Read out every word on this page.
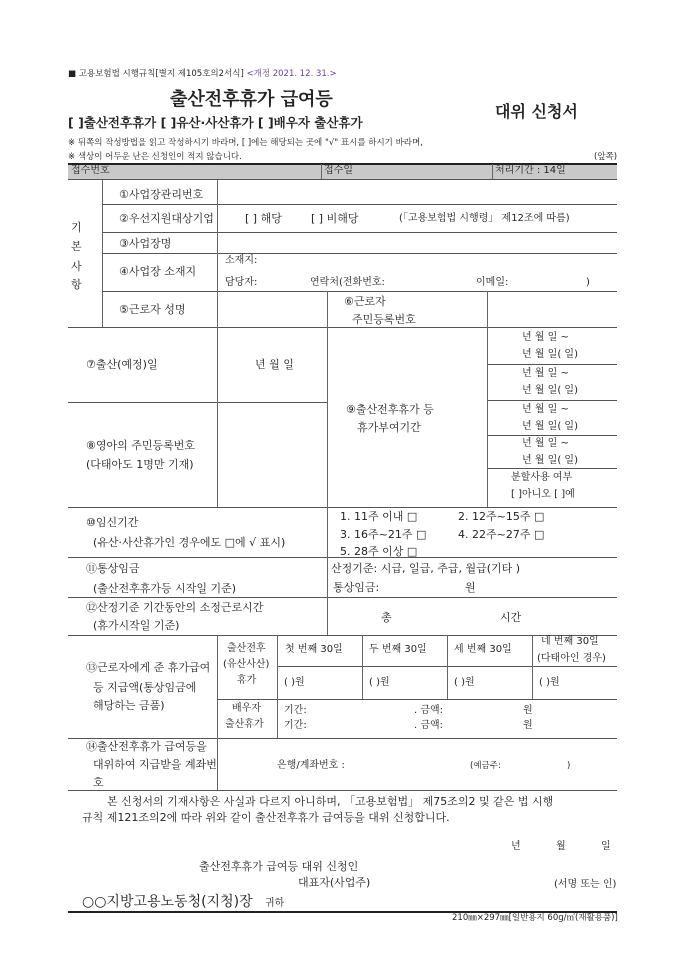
■ 고용보험법 시행규칙[별지 제105호의2서식] <개정 2021. 12. 31.>
출산전후휴가 급여등
대위 신청서
[ ]출산전후휴가 [ ]유산·사산휴가 [ ]배우자 출산휴가
※ 뒤쪽의 작성방법을 읽고 작성하시기 바라며, [ ]에는 해당되는 곳에 "√" 표시를 하시기 바라며,
※ 색상이 어두운 난은 신청인이 적지 않습니다.	(앞쪽)
접수번호	접수일	처리기간 : 14일
기
본
사
항
①사업장관리번호
②우선지원대상기업	[ ] 해당	[ ] 비해당	(「고용보험법 시행령」 제12조에 따름)
③사업장명
④사업장 소재지
소재지:
담당자:	연락처(전화번호:	이메일:	)
⑤근로자 성명
⑥근로자
주민등록번호
⑦출산(예정)일	년 월 일
⑧영아의 주민등록번호
(다태아도 1명만 기재)
⑨출산전후휴가 등
휴가부여기간
년 월 일 ~
년 월 일( 일)
년 월 일 ~
년 월 일( 일)
년 월 일 ~
년 월 일( 일)
년 월 일 ~
년 월 일( 일)
분할사용 여부
[ ]아니오 [ ]예
⑩임신기간
(유산·사산휴가인 경우에도 □에 √ 표시)
1. 11주 이내 □	2. 12주~15주 □
3. 16주~21주 □	4. 22주~27주 □
5. 28주 이상 □
⑪통상임금
(출산전후휴가등 시작일 기준)
산정기준: 시급, 일급, 주급, 월급(기타 )
통상임금:	원
⑫산정기준 기간동안의 소정근로시간
(휴가시작일 기준)
총	시간
⑬근로자에게 준 휴가급여
등 지급액(통상임금에
해당하는 금품)
출산전후
(유산사산)
휴가
첫 번째 30일	두 번째 30일	세 번째 30일
네 번째 30일
(다태아인 경우)
( )원	( )원	( )원	( )원
배우자
출산휴가
기간:	. 금액:	원
기간:	. 금액:	원
⑭출산전후휴가 급여등을
대위하여 지급받을 계좌번
호
은행/계좌번호 :	(예금주:	)
본 신청서의 기재사항은 사실과 다르지 아니하며, 「고용보험법」 제75조의2 및 같은 법 시행
규칙 제121조의2에 따라 위와 같이 출산전후휴가 급여등을 대위 신청합니다.
년	월	일
출산전후휴가 급여등 대위 신청인
대표자(사업주)	(서명 또는 인)
○○지방고용노동청(지청)장 귀하
210㎜×297㎜[일반용지 60g/㎡(재활용품)]
